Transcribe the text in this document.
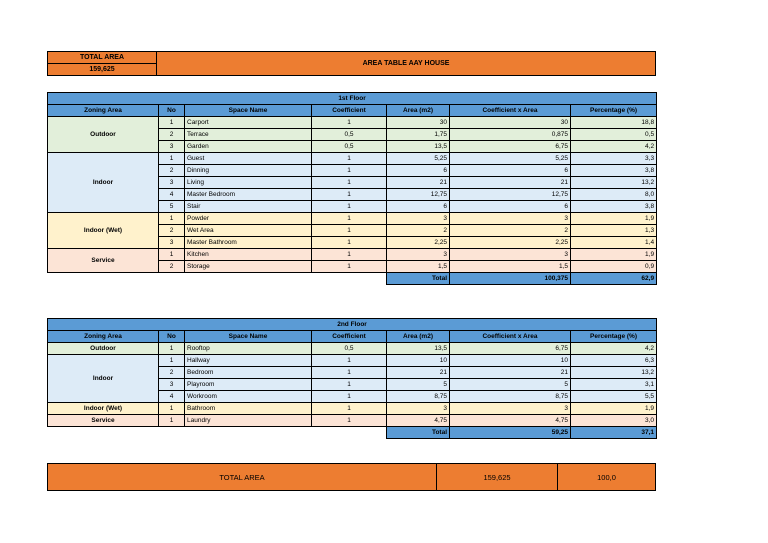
TOTAL AREA
159,625
AREA TABLE AAY HOUSE
1st Floor						
Zoning Area	No	Space Name	Coefficient	Area (m2)	Coefficient x Area	Percentage (%)
Outdoor	1	Carport	1	30	30	18,8
	2	Terrace	0,5	1,75	0,875	0,5
	3	Garden	0,5	13,5	6,75	4,2
Indoor	1	Guest	1	5,25	5,25	3,3
	2	Dinning	1	6	6	3,8
	3	Living	1	21	21	13,2
	4	Master Bedroom	1	12,75	12,75	8,0
	5	Stair	1	6	6	3,8
Indoor (Wet)	1	Powder	1	3	3	1,9
	2	Wet Area	1	2	2	1,3
	3	Master Bathroom	1	2,25	2,25	1,4
Service	1	Kitchen	1	3	3	1,9
	2	Storage	1	1,5	1,5	0,9
				Total	100,375	62,9
2nd Floor						
Zoning Area	No	Space Name	Coefficient	Area (m2)	Coefficient x Area	Percentage (%)
Outdoor	1	Rooftop	0,5	13,5	6,75	4,2
Indoor	1	Hallway	1	10	10	6,3
	2	Bedroom	1	21	21	13,2
	3	Playroom	1	5	5	3,1
	4	Workroom	1	8,75	8,75	5,5
Indoor (Wet)	1	Bathroom	1	3	3	1,9
Service	1	Laundry	1	4,75	4,75	3,0
				Total	59,25	37,1
TOTAL AREA	159,625	100,0
